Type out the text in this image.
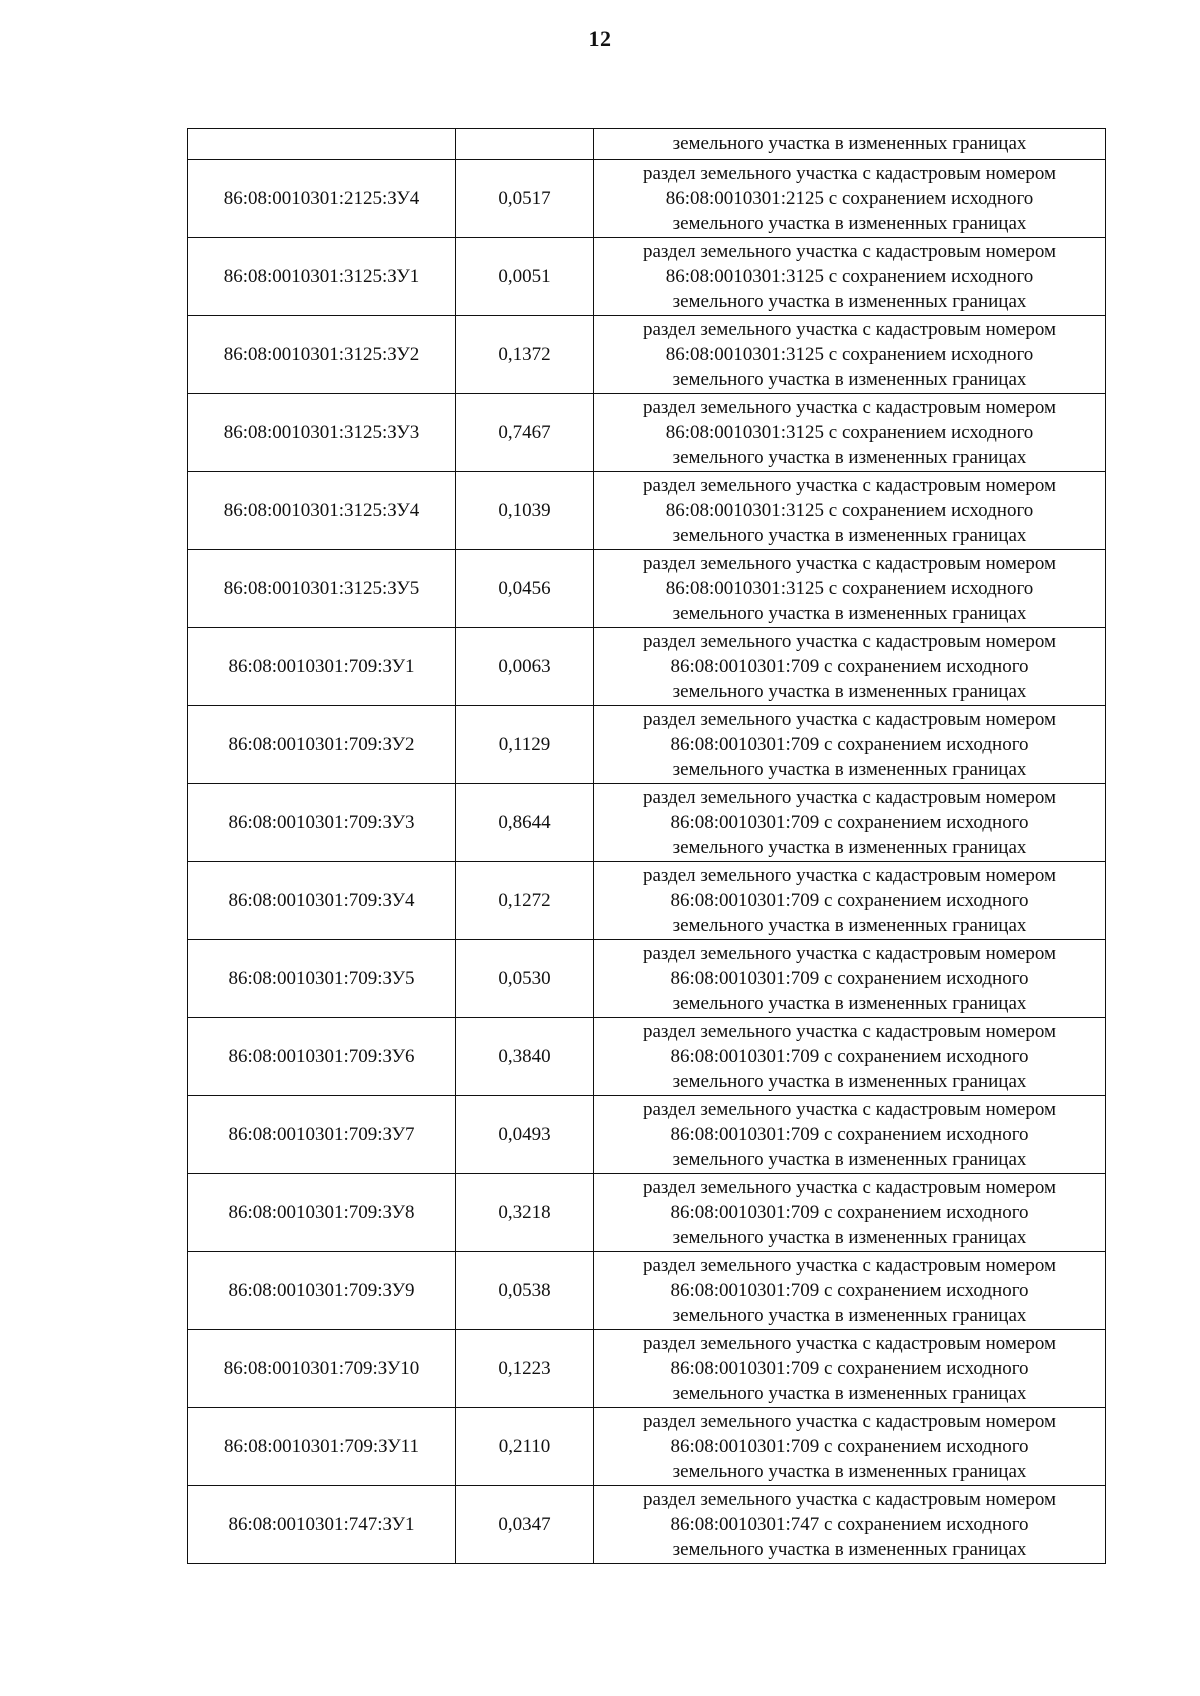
12
		земельного участка в измененных границах
86:08:0010301:2125:ЗУ4	0,0517	раздел земельного участка с кадастровым номером
86:08:0010301:2125 с сохранением исходного
земельного участка в измененных границах

86:08:0010301:3125:ЗУ1	0,0051	раздел земельного участка с кадастровым номером
86:08:0010301:3125 с сохранением исходного
земельного участка в измененных границах

86:08:0010301:3125:ЗУ2	0,1372	раздел земельного участка с кадастровым номером
86:08:0010301:3125 с сохранением исходного
земельного участка в измененных границах

86:08:0010301:3125:ЗУ3	0,7467	раздел земельного участка с кадастровым номером
86:08:0010301:3125 с сохранением исходного
земельного участка в измененных границах

86:08:0010301:3125:ЗУ4	0,1039	раздел земельного участка с кадастровым номером
86:08:0010301:3125 с сохранением исходного
земельного участка в измененных границах

86:08:0010301:3125:ЗУ5	0,0456	раздел земельного участка с кадастровым номером
86:08:0010301:3125 с сохранением исходного
земельного участка в измененных границах

86:08:0010301:709:ЗУ1	0,0063	раздел земельного участка с кадастровым номером
86:08:0010301:709 с сохранением исходного
земельного участка в измененных границах

86:08:0010301:709:ЗУ2	0,1129	раздел земельного участка с кадастровым номером
86:08:0010301:709 с сохранением исходного
земельного участка в измененных границах

86:08:0010301:709:ЗУ3	0,8644	раздел земельного участка с кадастровым номером
86:08:0010301:709 с сохранением исходного
земельного участка в измененных границах

86:08:0010301:709:ЗУ4	0,1272	раздел земельного участка с кадастровым номером
86:08:0010301:709 с сохранением исходного
земельного участка в измененных границах

86:08:0010301:709:ЗУ5	0,0530	раздел земельного участка с кадастровым номером
86:08:0010301:709 с сохранением исходного
земельного участка в измененных границах

86:08:0010301:709:ЗУ6	0,3840	раздел земельного участка с кадастровым номером
86:08:0010301:709 с сохранением исходного
земельного участка в измененных границах

86:08:0010301:709:ЗУ7	0,0493	раздел земельного участка с кадастровым номером
86:08:0010301:709 с сохранением исходного
земельного участка в измененных границах

86:08:0010301:709:ЗУ8	0,3218	раздел земельного участка с кадастровым номером
86:08:0010301:709 с сохранением исходного
земельного участка в измененных границах

86:08:0010301:709:ЗУ9	0,0538	раздел земельного участка с кадастровым номером
86:08:0010301:709 с сохранением исходного
земельного участка в измененных границах

86:08:0010301:709:ЗУ10	0,1223	раздел земельного участка с кадастровым номером
86:08:0010301:709 с сохранением исходного
земельного участка в измененных границах

86:08:0010301:709:ЗУ11	0,2110	раздел земельного участка с кадастровым номером
86:08:0010301:709 с сохранением исходного
земельного участка в измененных границах

86:08:0010301:747:ЗУ1	0,0347	раздел земельного участка с кадастровым номером
86:08:0010301:747 с сохранением исходного
земельного участка в измененных границах
